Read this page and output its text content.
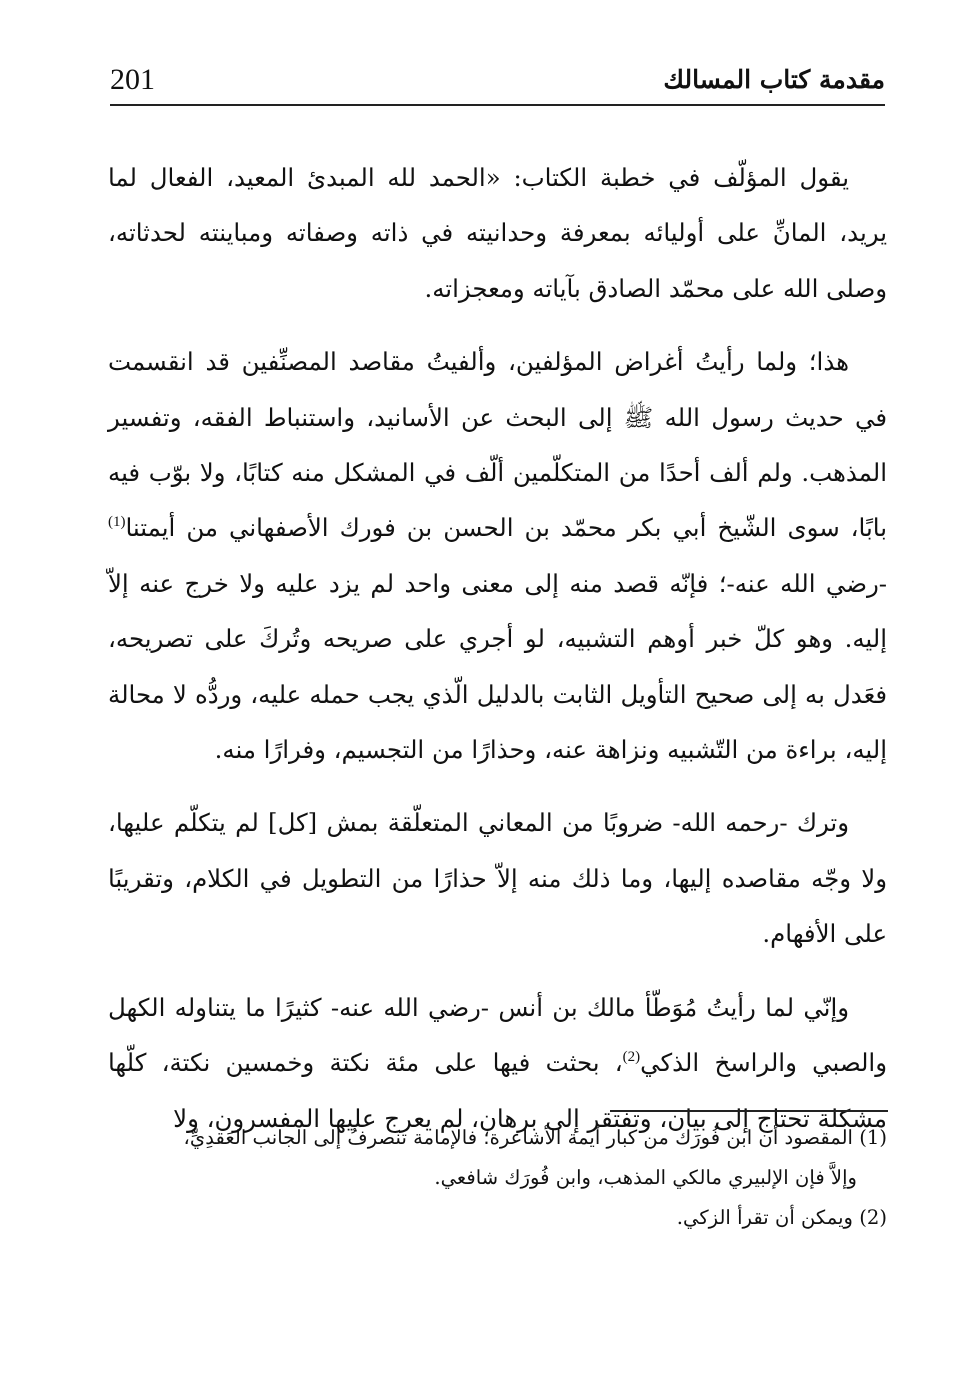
201	مقدمة كتاب المسالك

يقول المؤلّف في خطبة الكتاب: «الحمد لله المبدئ المعيد، الفعال لما يريد، المانِّ على أوليائه بمعرفة وحدانيته في ذاته وصفاته ومباينته لحدثاته، وصلى الله على محمّد الصادق بآياته ومعجزاته.

هذا؛ ولما رأيتُ أغراض المؤلفين، وألفيتُ مقاصد المصنِّفين قد انقسمت في حديث رسول الله ﷺ إلى البحث عن الأسانيد، واستنباط الفقه، وتفسير المذهب. ولم ألف أحدًا من المتكلّمين ألّف في المشكل منه كتابًا، ولا بوّب فيه بابًا، سوى الشّيخ أبي بكر محمّد بن الحسن بن فورك الأصفهاني من أيمتنا$^{(1)}$ -رضي الله عنه-؛ فإنّه قصد منه إلى معنى واحد لم يزد عليه ولا خرج عنه إلاّ إليه. وهو كلّ خبر أوهم التشبيه، لو أجري على صريحه وتُركَ على تصريحه، فعَدل به إلى صحيح التأويل الثابت بالدليل الّذي يجب حمله عليه، وردُّه لا محالة إليه، براءة من التّشبيه ونزاهة عنه، وحذارًا من التجسيم، وفرارًا منه.

وترك -رحمه الله- ضروبًا من المعاني المتعلّقة بمش [كل] لم يتكلّم عليها، ولا وجّه مقاصده إليها، وما ذلك منه إلاّ حذارًا من التطويل في الكلام، وتقريبًا على الأفهام.

وإنّي لما رأيتُ مُوَطّأ مالك بن أنس -رضي الله عنه- كثيرًا ما يتناوله الكهل والصبي والراسخ الذكي$^{(2)}$، بحثت فيها على مئة نكتة وخمسين نكتة، كلّها مشكلة تحتاج إلى بيان، وتفتقر إلى برهان، لم يعرج عليها المفسرون، ولا

(1) المقصود أن ابن فُورَك من كبار أيمة الأشاعرة؛ فالإمامة تنصرفُ إلى الجانب العَقدِيِّ،

وإلاَّ فإن الإلبيري مالكي المذهب، وابن فُورَك شافعي.

(2) ويمكن أن تقرأ الزكي.
